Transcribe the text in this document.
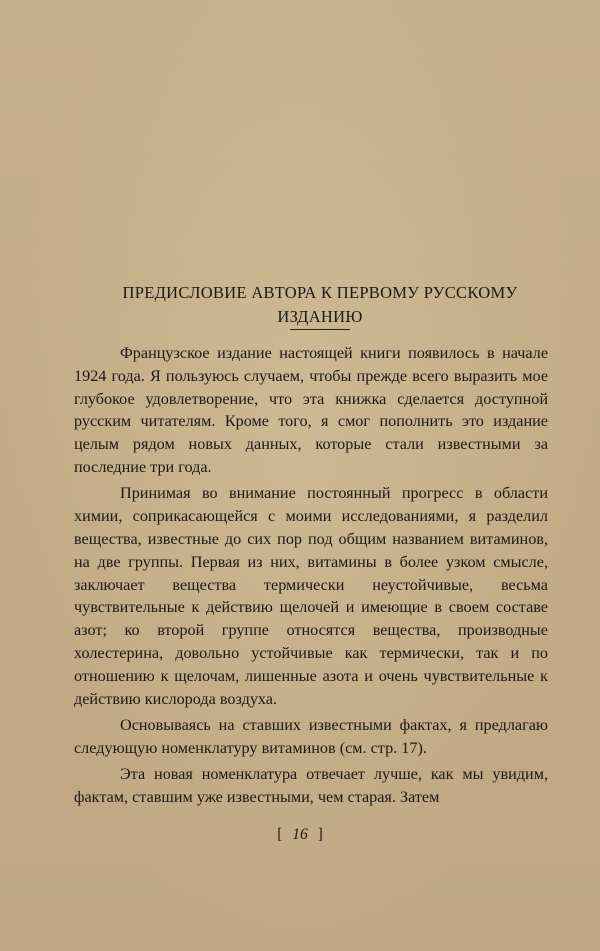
ПРЕДИСЛОВИЕ АВТОРА К ПЕРВОМУ РУССКОМУ
ИЗДАНИЮ

Французское издание настоящей книги появилось в начале 1924 года. Я пользуюсь случаем, чтобы прежде всего выразить мое глубокое удовлетворение, что эта книжка сделается доступной русским читателям. Кроме того, я смог пополнить это издание целым рядом новых данных, которые стали известными за последние три года.

Принимая во внимание постоянный прогресс в области химии, соприкасающейся с моими исследованиями, я разделил вещества, известные до сих пор под общим названием витаминов, на две группы. Первая из них, витамины в более узком смысле, заключает вещества термически неустойчивые, весьма чувствительные к действию щелочей и имеющие в своем составе азот; ко второй группе относятся вещества, производные холестерина, довольно устойчивые как термически, так и по отношению к щелочам, лишенные азота и очень чувствительные к действию кислорода воздуха.

Основываясь на ставших известными фактах, я предлагаю следующую номенклатуру витаминов (см. стр. 17).

Эта новая номенклатура отвечает лучше, как мы увидим, фактам, ставшим уже известными, чем старая. Затем

[ 16 ]
